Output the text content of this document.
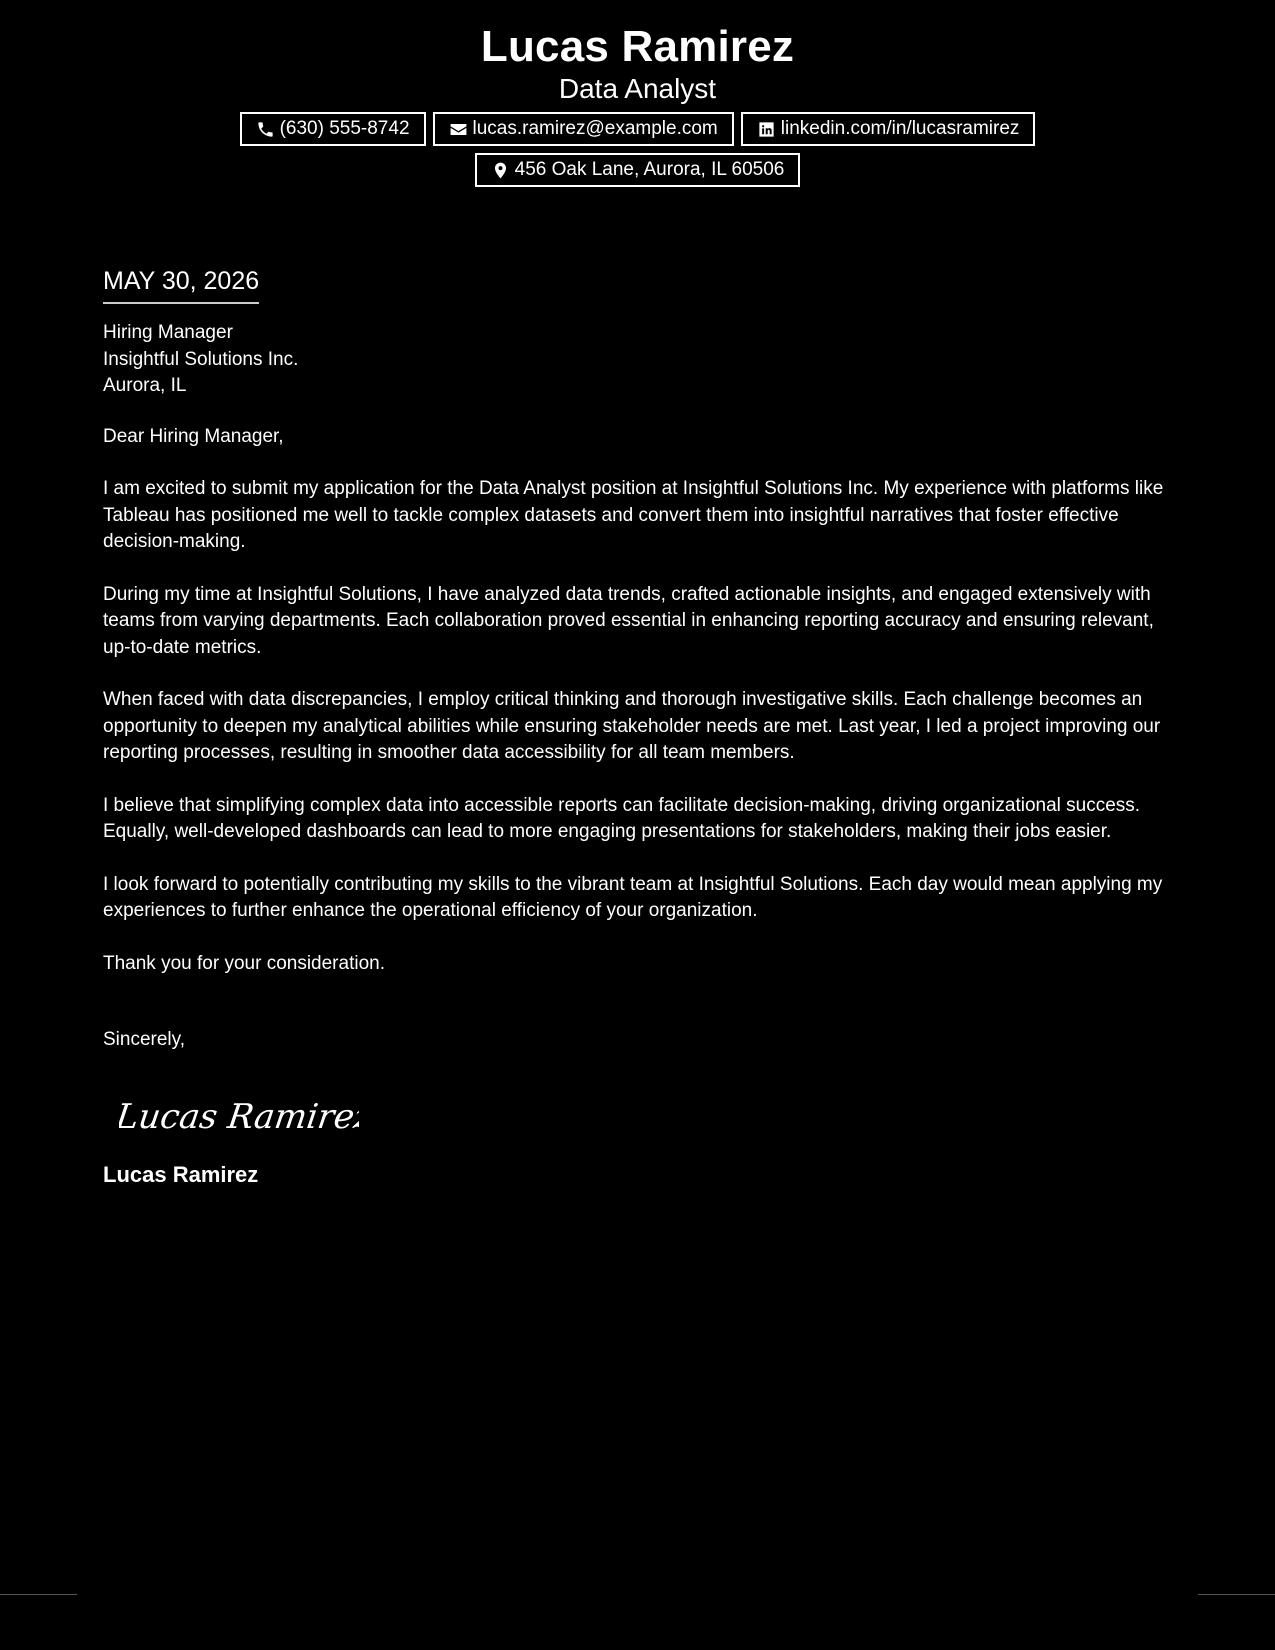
Lucas Ramirez
Data Analyst
(630) 555-8742	lucas.ramirez@example.com	linkedin.com/in/lucasramirez
456 Oak Lane, Aurora, IL 60506
MAY 30, 2026

Hiring Manager

Insightful Solutions Inc.

Aurora, IL

Dear Hiring Manager,

I am excited to submit my application for the Data Analyst position at Insightful Solutions Inc. My experience with platforms like Tableau has positioned me well to tackle complex datasets and convert them into insightful narratives that foster effective decision-making.

During my time at Insightful Solutions, I have analyzed data trends, crafted actionable insights, and engaged extensively with teams from varying departments. Each collaboration proved essential in enhancing reporting accuracy and ensuring relevant, up-to-date metrics.

When faced with data discrepancies, I employ critical thinking and thorough investigative skills. Each challenge becomes an opportunity to deepen my analytical abilities while ensuring stakeholder needs are met. Last year, I led a project improving our reporting processes, resulting in smoother data accessibility for all team members.

I believe that simplifying complex data into accessible reports can facilitate decision-making, driving organizational success. Equally, well-developed dashboards can lead to more engaging presentations for stakeholders, making their jobs easier.

I look forward to potentially contributing my skills to the vibrant team at Insightful Solutions. Each day would mean applying my experiences to further enhance the operational efficiency of your organization.

Thank you for your consideration.

Sincerely,

Lucas Ramirez

Lucas Ramirez
